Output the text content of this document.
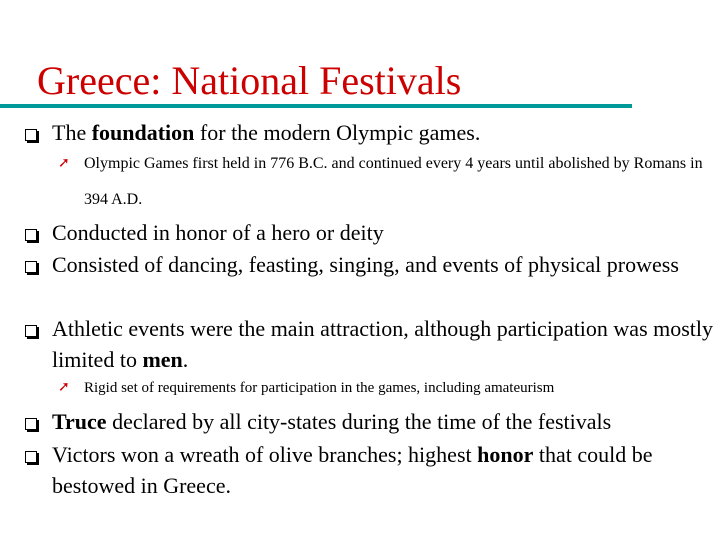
Greece: National Festivals
The foundation for the modern Olympic games.
➚ Olympic Games first held in 776 B.C. and continued every 4 years until abolished by Romans in 394 A.D.
Conducted in honor of a hero or deity
Consisted of dancing, feasting, singing, and events of physical prowess
Athletic events were the main attraction, although participation was mostly limited to men.
➚ Rigid set of requirements for participation in the games, including amateurism
Truce declared by all city-states during the time of the festivals
Victors won a wreath of olive branches; highest honor that could be bestowed in Greece.
